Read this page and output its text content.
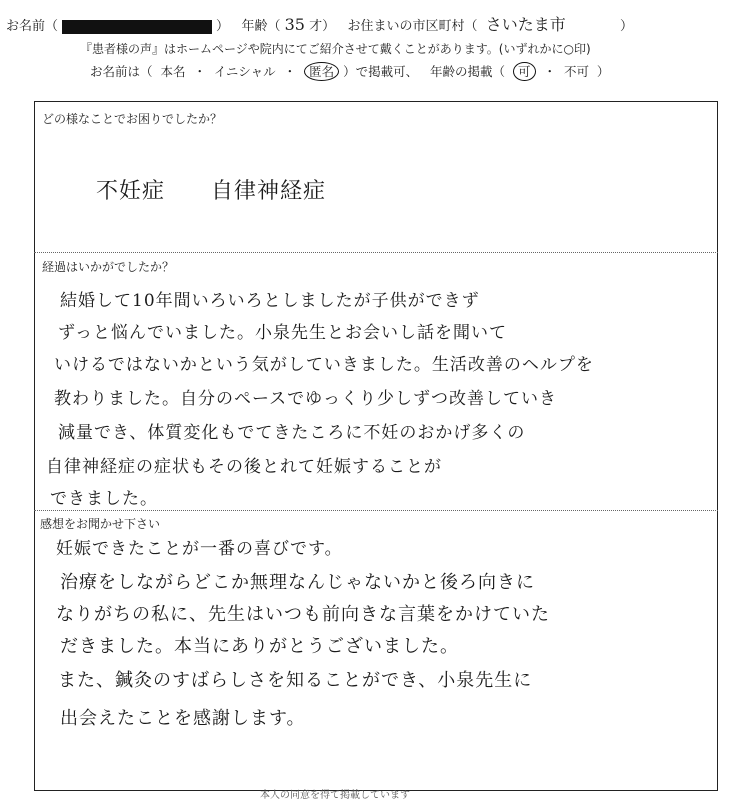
お名前（	） 年齢（ 35 才） お住まいの市区町村（ さいたま市	）
『患者様の声』はホームページや院内にてご紹介させて戴くことがあります。(いずれかに○印)
お名前は（ 本名 ・ イニシャル ・ 匿名 ）で掲載可、 年齢の掲載（ 可 ・ 不可 ）
どの様なことでお困りでしたか？
不妊症　　自律神経症
経過はいかがでしたか？
結婚して10年間いろいろとしましたが子供ができず
ずっと悩んでいました。小泉先生とお会いし話を聞いて
いけるではないかという気がしていきました。生活改善のヘルプを
教わりました。自分のペースでゆっくり少しずつ改善していき
減量でき、体質変化もでてきたころに不妊のおかげ多くの
自律神経症の症状もその後とれて妊娠することが
できました。
感想をお聞かせ下さい
妊娠できたことが一番の喜びです。
治療をしながらどこか無理なんじゃないかと後ろ向きに
なりがちの私に、先生はいつも前向きな言葉をかけていた
だきました。本当にありがとうございました。
また、鍼灸のすばらしさを知ることができ、小泉先生に
出会えたことを感謝します。
本人の同意を得て掲載しています
